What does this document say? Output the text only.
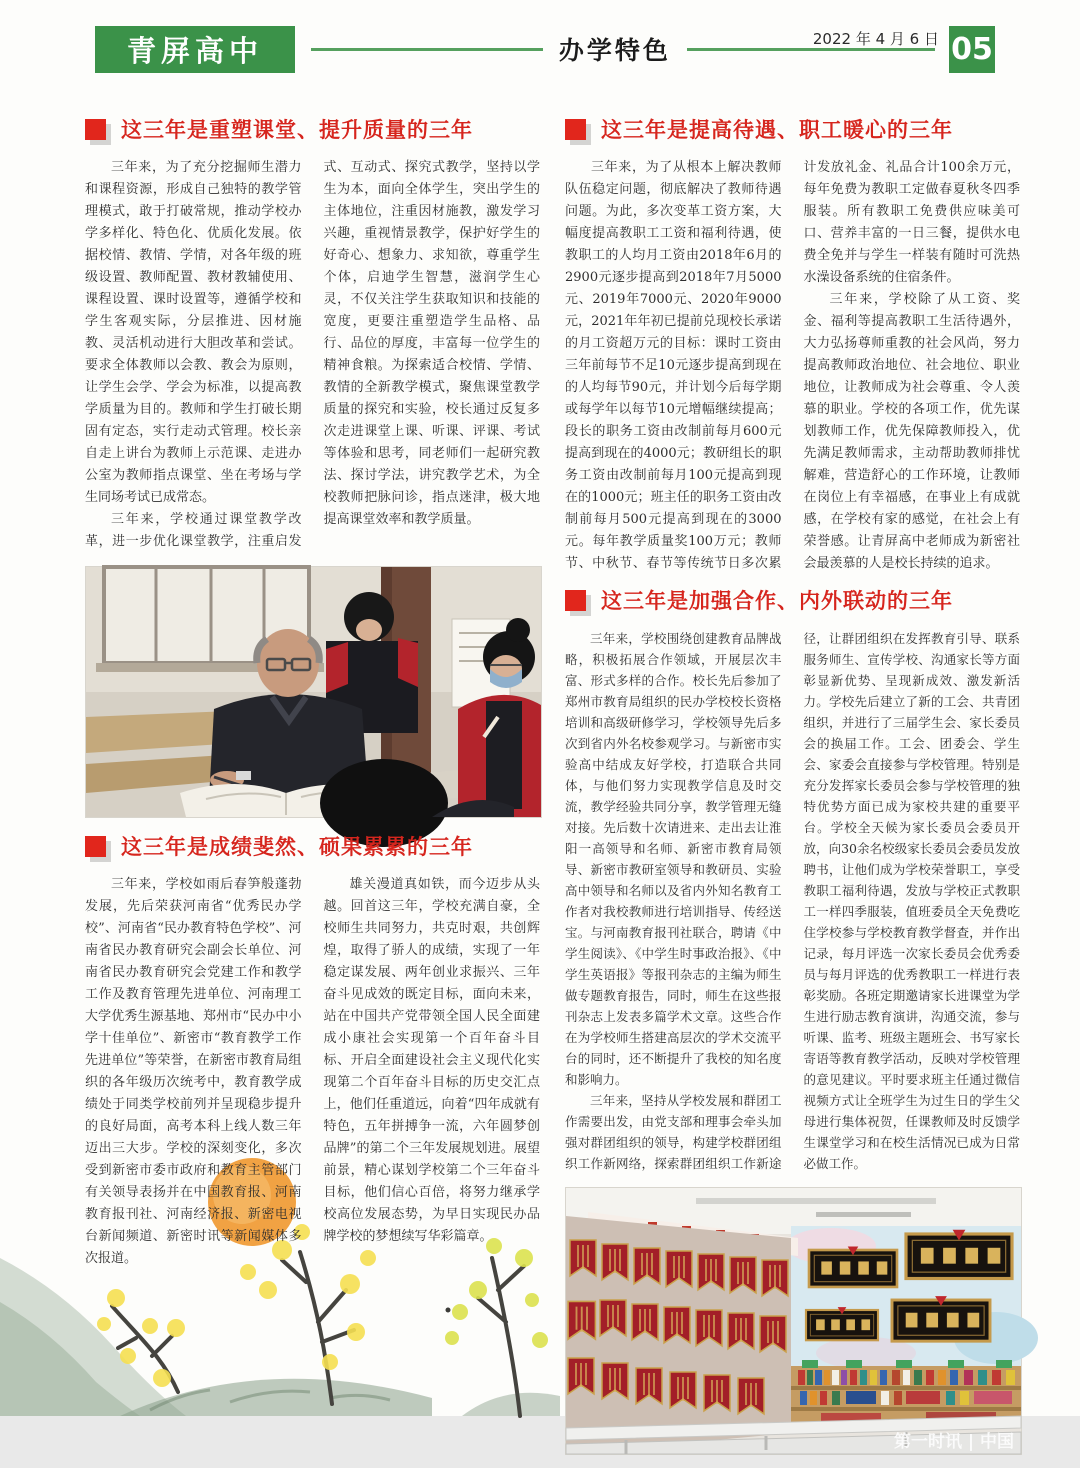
青屏高中	办学特色	2022 年 4 月 6 日 05
这三年是重塑课堂、提升质量的三年

三年来，为了充分挖掘师生潜力和课程资源，形成自己独特的教学管理模式，敢于打破常规，推动学校办学多样化、特色化、优质化发展。依据校情、教情、学情，对各年级的班级设置、教师配置、教材教辅使用、课程设置、课时设置等，遵循学校和学生客观实际，分层推进、因材施教、灵活机动进行大胆改革和尝试。要求全体教师以会教、教会为原则，让学生会学、学会为标准，以提高教学质量为目的。教师和学生打破长期固有定态，实行走动式管理。校长亲自走上讲台为教师上示范课、走进办公室为教师指点课堂、坐在考场与学生同场考试已成常态。

三年来，学校通过课堂教学改革，进一步优化课堂教学，注重启发式、互动式、探究式教学，坚持以学生为本，面向全体学生，突出学生的主体地位，注重因材施教，激发学习兴趣，重视情景教学，保护好学生的好奇心、想象力、求知欲，尊重学生个体，启迪学生智慧，滋润学生心灵，不仅关注学生获取知识和技能的宽度，更要注重塑造学生品格、品行、品位的厚度，丰富每一位学生的精神食粮。为探索适合校情、学情、教情的全新教学模式，聚焦课堂教学质量的探究和实验，校长通过反复多次走进课堂上课、听课、评课、考试等体验和思考，同老师们一起研究教法、探讨学法，讲究教学艺术，为全校教师把脉问诊，指点迷津，极大地提高课堂效率和教学质量。

这三年是成绩斐然、硕果累累的三年

三年来，学校如雨后春笋般蓬勃发展，先后荣获河南省“优秀民办学校”、河南省“民办教育特色学校”、河南省民办教育研究会副会长单位、河南省民办教育研究会党建工作和教学工作及教育管理先进单位、河南理工大学优秀生源基地、郑州市“民办中小学十佳单位”、新密市“教育教学工作先进单位”等荣誉，在新密市教育局组织的各年级历次统考中，教育教学成绩处于同类学校前列并呈现稳步提升的良好局面，高考本科上线人数三年迈出三大步。学校的深刻变化，多次受到新密市委市政府和教育主管部门有关领导表扬并在中国教育报、河南教育报刊社、河南经济报、新密电视台新闻频道、新密时讯等新闻媒体多次报道。

雄关漫道真如铁，而今迈步从头越。回首这三年，学校充满自豪，全校师生共同努力，共克时艰，共创辉煌，取得了骄人的成绩，实现了一年稳定谋发展、两年创业求振兴、三年奋斗见成效的既定目标，面向未来，站在中国共产党带领全国人民全面建成小康社会实现第一个百年奋斗目标、开启全面建设社会主义现代化实现第二个百年奋斗目标的历史交汇点上，他们任重道远，向着“四年成就有特色，五年拼搏争一流，六年圆梦创品牌”的第二个三年发展规划进。展望前景，精心谋划学校第二个三年奋斗目标，他们信心百倍，将努力继承学校高位发展态势，为早日实现民办品牌学校的梦想续写华彩篇章。

这三年是提高待遇、职工暖心的三年

三年来，为了从根本上解决教师队伍稳定问题，彻底解决了教师待遇问题。为此，多次变革工资方案，大幅度提高教职工工资和福利待遇，使教职工的人均月工资由2018年6月的2900元逐步提高到2018年7月5000元、2019年7000元、2020年9000元，2021年年初已提前兑现校长承诺的月工资超万元的目标：课时工资由三年前每节不足10元逐步提高到现在的人均每节90元，并计划今后每学期或每学年以每节10元增幅继续提高；段长的职务工资由改制前每月600元提高到现在的4000元；教研组长的职务工资由改制前每月100元提高到现在的1000元；班主任的职务工资由改制前每月500元提高到现在的3000元。每年教学质量奖100万元；教师节、中秋节、春节等传统节日多次累计发放礼金、礼品合计100余万元，每年免费为教职工定做春夏秋冬四季服装。所有教职工免费供应味美可口、营养丰富的一日三餐，提供水电费全免并与学生一样装有随时可洗热水澡设备系统的住宿条件。

三年来，学校除了从工资、奖金、福利等提高教职工生活待遇外，大力弘扬尊师重教的社会风尚，努力提高教师政治地位、社会地位、职业地位，让教师成为社会尊重、令人羡慕的职业。学校的各项工作，优先谋划教师工作，优先保障教师投入，优先满足教师需求，主动帮助教师排忧解难，营造舒心的工作环境，让教师在岗位上有幸福感，在事业上有成就感，在学校有家的感觉，在社会上有荣誉感。让青屏高中老师成为新密社会最羡慕的人是校长持续的追求。

这三年是加强合作、内外联动的三年

三年来，学校围绕创建教育品牌战略，积极拓展合作领域，开展层次丰富、形式多样的合作。校长先后参加了郑州市教育局组织的民办学校校长资格培训和高级研修学习，学校领导先后多次到省内外名校参观学习。与新密市实验高中结成友好学校，打造联合共同体，与他们努力实现教学信息及时交流，教学经验共同分享，教学管理无缝对接。先后数十次请进来、走出去让淮阳一高领导和名师、新密市教育局领导、新密市教研室领导和教研员、实验高中领导和名师以及省内外知名教育工作者对我校教师进行培训指导、传经送宝。与河南教育报刊社联合，聘请《中学生阅读》、《中学生时事政治报》、《中学生英语报》等报刊杂志的主编为师生做专题教育报告，同时，师生在这些报刊杂志上发表多篇学术文章。这些合作在为学校师生搭建高层次的学术交流平台的同时，还不断提升了我校的知名度和影响力。

三年来，坚持从学校发展和群团工作需要出发，由党支部和理事会牵头加强对群团组织的领导，构建学校群团组织工作新网络，探索群团组织工作新途径，让群团组织在发挥教育引导、联系服务师生、宣传学校、沟通家长等方面彰显新优势、呈现新成效、激发新活力。学校先后建立了新的工会、共青团组织，并进行了三届学生会、家长委员会的换届工作。工会、团委会、学生会、家委会直接参与学校管理。特别是充分发挥家长委员会参与学校管理的独特优势方面已成为家校共建的重要平台。学校全天候为家长委员会委员开放，向30余名校级家长委员会委员发放聘书，让他们成为学校荣誉职工，享受教职工福利待遇，发放与学校正式教职工一样四季服装，值班委员全天免费吃住学校参与学校教育教学督查，并作出记录，每月评选一次家长委员会优秀委员与每月评选的优秀教职工一样进行表彰奖励。各班定期邀请家长进课堂为学生进行励志教育演讲，沟通交流，参与听课、监考、班级主题班会、书写家长寄语等教育教学活动，反映对学校管理的意见建议。平时要求班主任通过微信视频方式让全班学生为过生日的学生父母进行集体祝贺，任课教师及时反馈学生课堂学习和在校生活情况已成为日常必做工作。

第一时讯 | 中国
